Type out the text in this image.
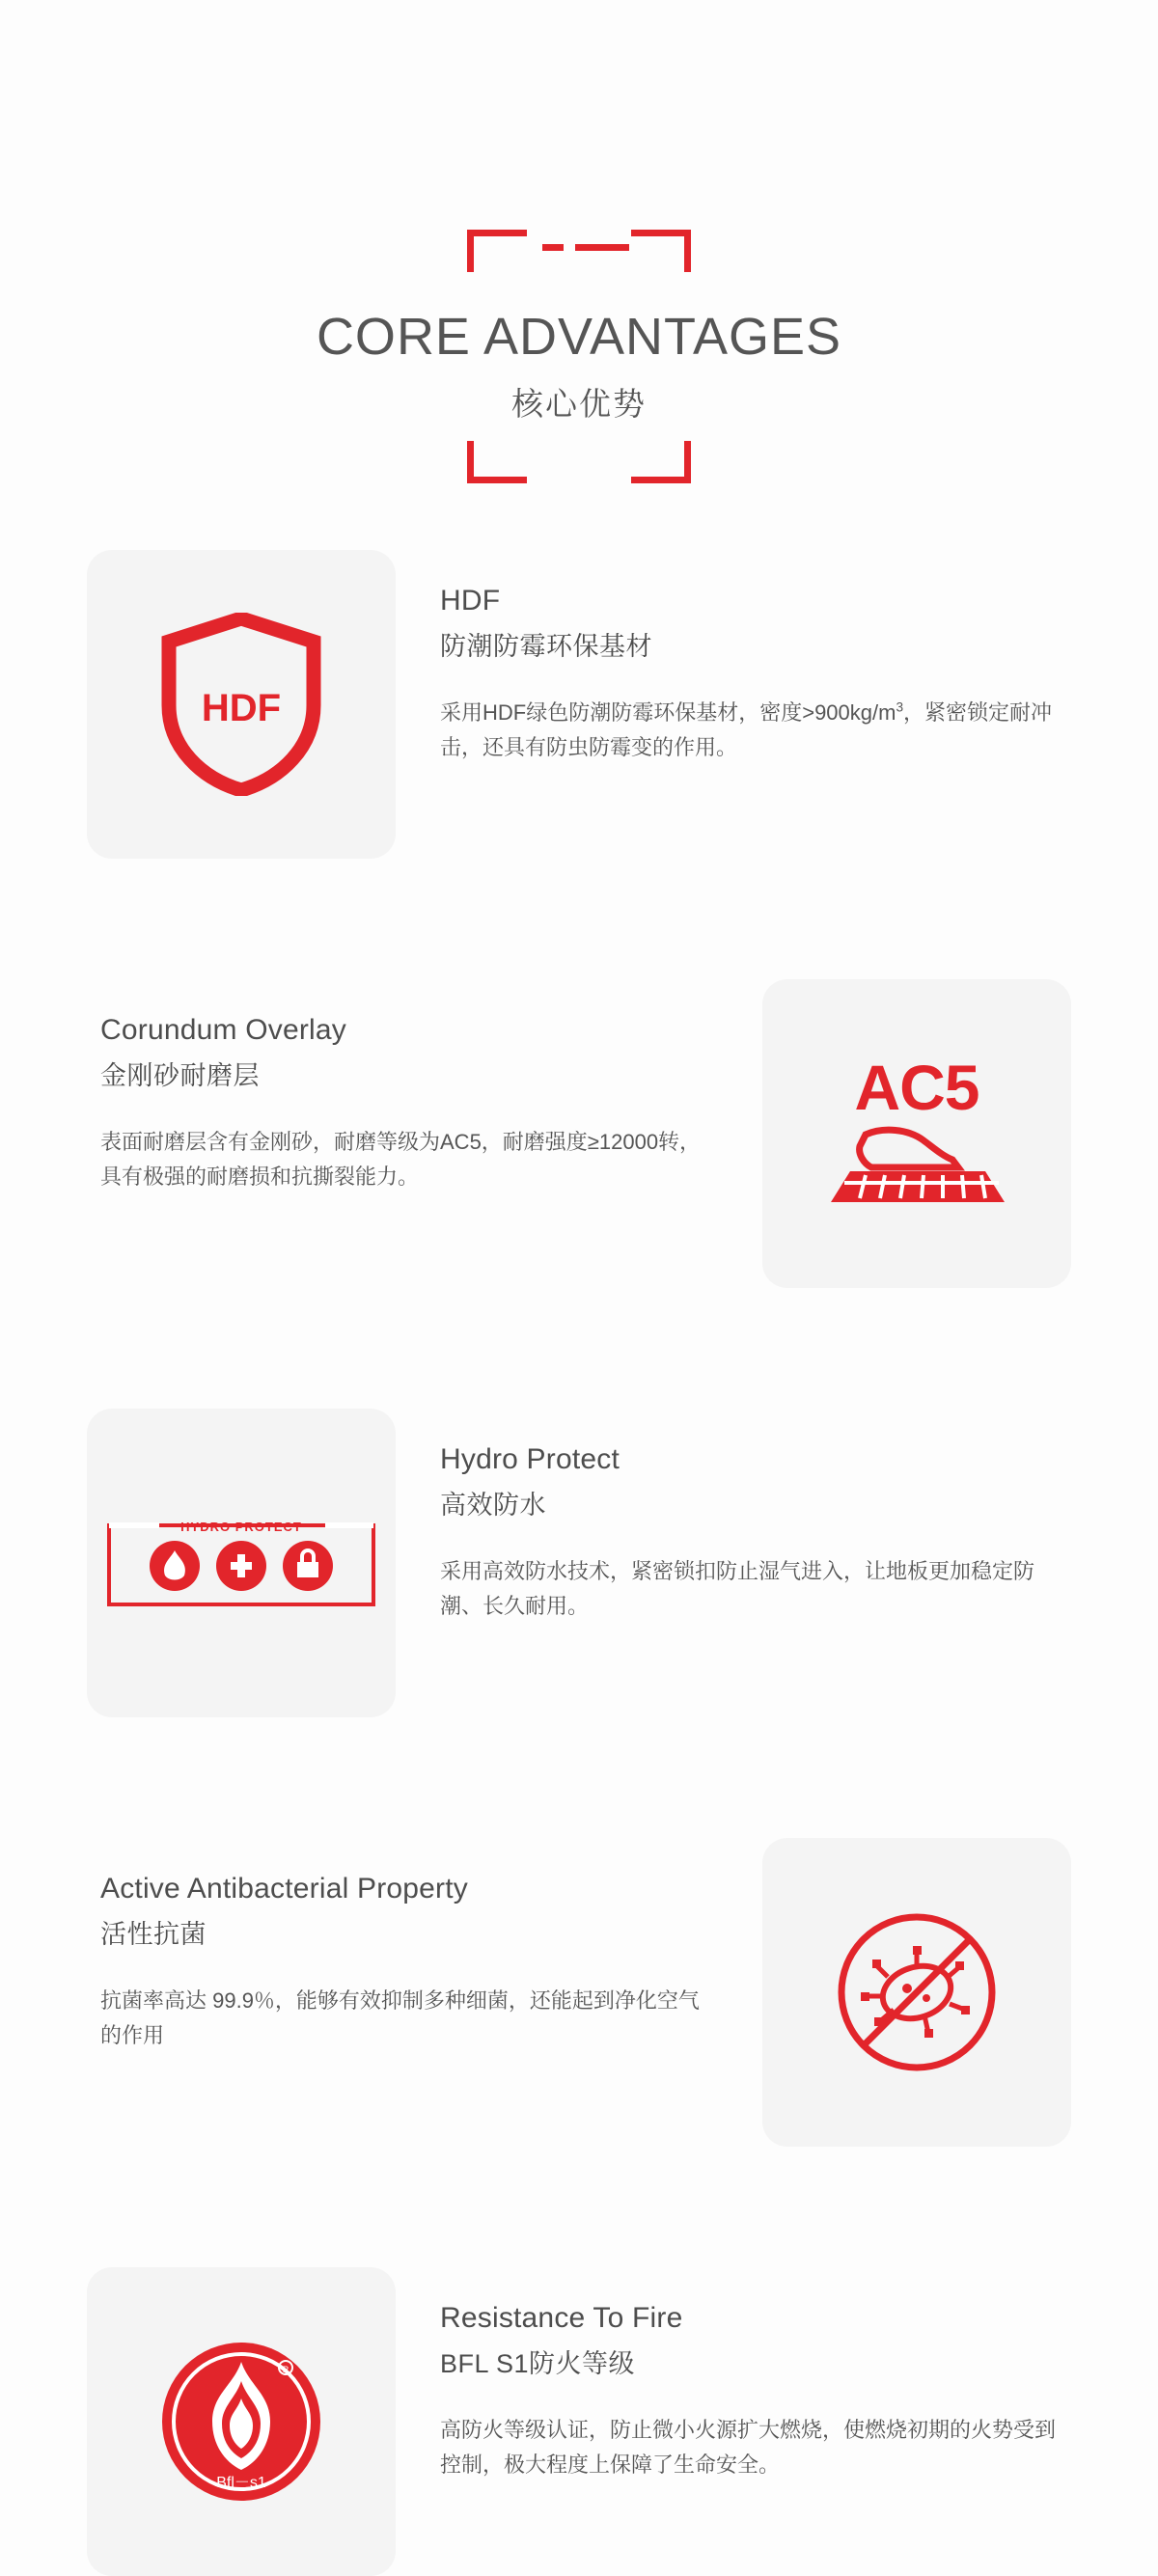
CORE ADVANTAGES
核心优势
HDF
HDF
防潮防霉环保基材
采用HDF绿色防潮防霉环保基材，密度$>900kg/m^3$，紧密锁定耐冲击，还具有防虫防霉变的作用。
AC5
Corundum Overlay
金刚砂耐磨层
表面耐磨层含有金刚砂，耐磨等级为AC5，耐磨强度≥12000转，具有极强的耐磨损和抗撕裂能力。
HYDRO PROTECT
Hydro Protect
高效防水
采用高效防水技术，紧密锁扣防止湿气进入，让地板更加稳定防潮、长久耐用。
Active Antibacterial Property
活性抗菌
抗菌率高达 99.9％，能够有效抑制多种细菌，还能起到净化空气的作用
Bfl－s1
R
Resistance To Fire
BFL S1防火等级
高防火等级认证，防止微小火源扩大燃烧，使燃烧初期的火势受到控制，极大程度上保障了生命安全。
